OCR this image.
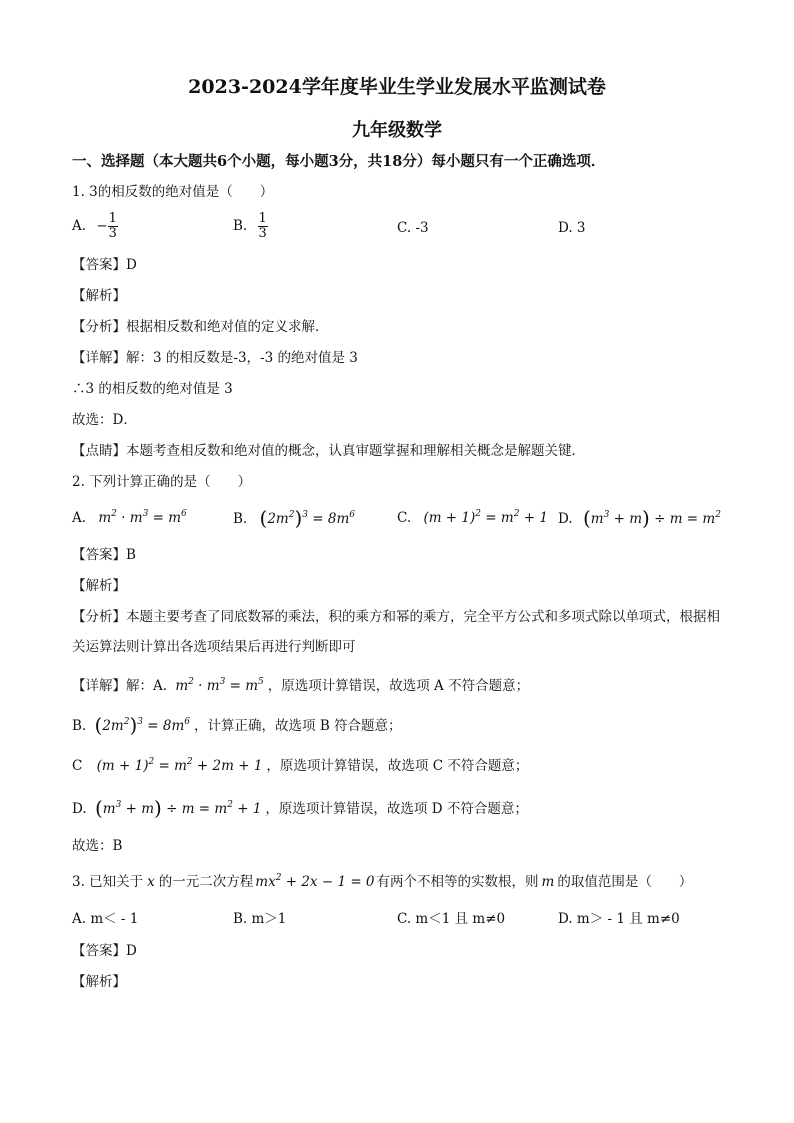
2023-2024学年度毕业生学业发展水平监测试卷
九年级数学
一、选择题（本大题共6个小题，每小题3分，共18分）每小题只有一个正确选项．
1. 3的相反数的绝对值是（　　）
A. − $\frac{1}{3}$	B. $\frac{1}{3}$	C. -3	D. 3
【答案】D
【解析】
【分析】根据相反数和绝对值的定义求解．
【详解】解：3 的相反数是-3，-3 的绝对值是 3
∴3 的相反数的绝对值是 3
故选：D．
【点睛】本题考查相反数和绝对值的概念，认真审题掌握和理解相关概念是解题关键．
2. 下列计算正确的是（　　）
A. $m^2 \cdot m^3 = m^6$	B. $(2m^2)^3 = 8m^6$	C. $(m + 1)^2 = m^2 + 1$ D. $(m^3 + m) \div m = m^2$
【答案】B
【解析】
【分析】本题主要考查了同底数幂的乘法，积的乘方和幂的乘方，完全平方公式和多项式除以单项式，根据相关运算法则计算出各选项结果后再进行判断即可
【详解】解：A. $m^2 \cdot m^3 = m^5$ ，原选项计算错误，故选项 A 不符合题意；
B. $(2m^2)^3 = 8m^6$ ，计算正确，故选项 B 符合题意；
C $(m + 1)^2 = m^2 + 2m + 1$ ，原选项计算错误，故选项 C 不符合题意；
D. $(m^3 + m) \div m = m^2 + 1$ ，原选项计算错误，故选项 D 不符合题意；
故选：B
3. 已知关于 x 的一元二次方程 $mx^2 + 2x - 1 = 0$ 有两个不相等的实数根，则 m 的取值范围是（　　）
A. m＜ - 1	B. m＞1	C. m＜1 且 m≠0	D. m＞ - 1 且 m≠0
【答案】D
【解析】
